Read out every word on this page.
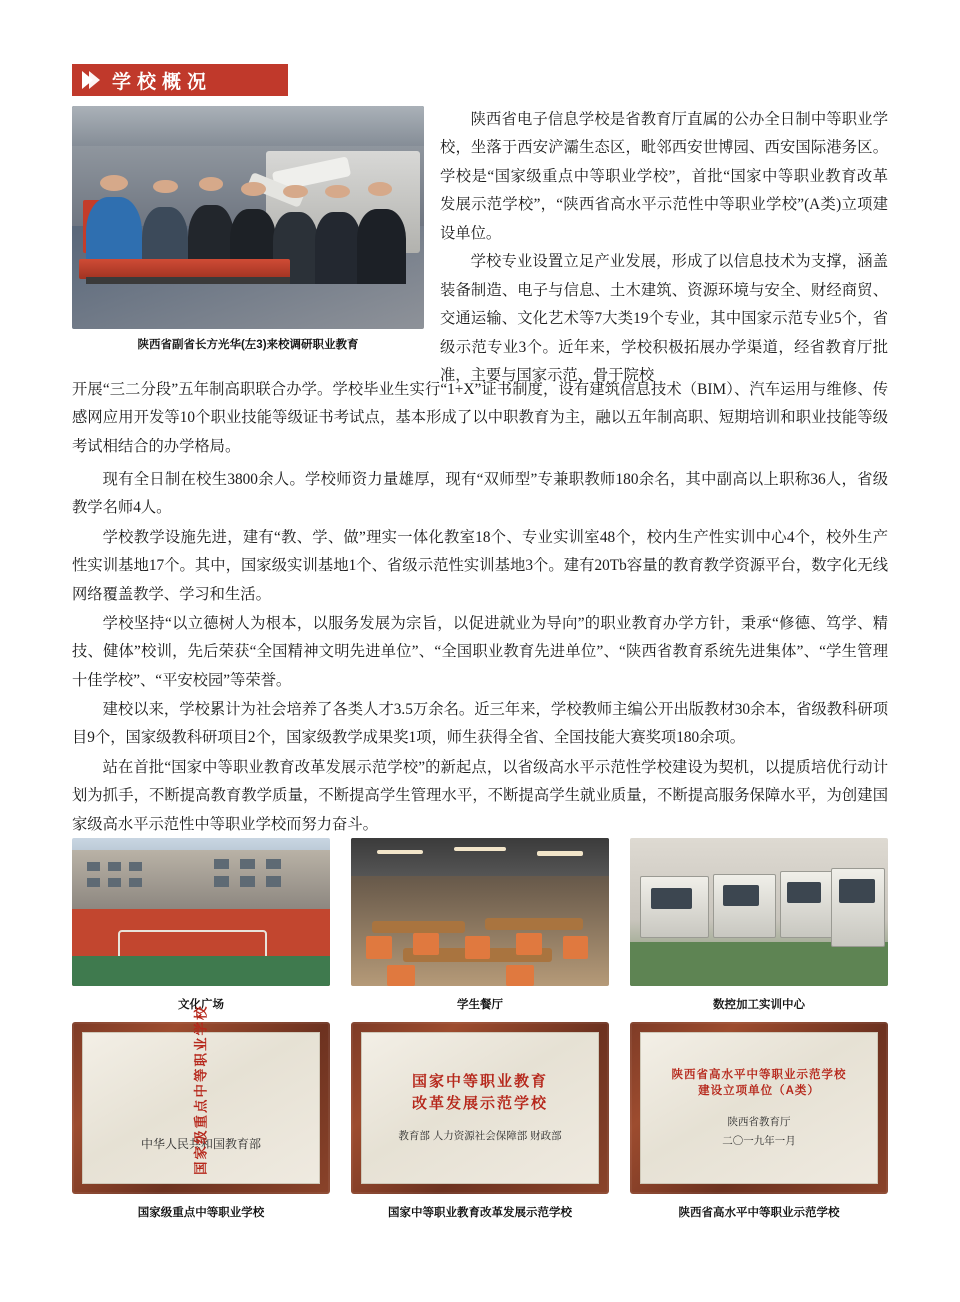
学校概况
陕西省副省长方光华(左3)来校调研职业教育

陕西省电子信息学校是省教育厅直属的公办全日制中等职业学校，坐落于西安浐灞生态区，毗邻西安世博园、西安国际港务区。学校是“国家级重点中等职业学校”，首批“国家中等职业教育改革发展示范学校”，“陕西省高水平示范性中等职业学校”(A类)立项建设单位。

学校专业设置立足产业发展，形成了以信息技术为支撑，涵盖装备制造、电子与信息、土木建筑、资源环境与安全、财经商贸、交通运输、文化艺术等7大类19个专业，其中国家示范专业5个，省级示范专业3个。近年来，学校积极拓展办学渠道，经省教育厅批准，主要与国家示范、骨干院校

开展“三二分段”五年制高职联合办学。学校毕业生实行“1+X”证书制度，设有建筑信息技术（BIM）、汽车运用与维修、传感网应用开发等10个职业技能等级证书考试点，基本形成了以中职教育为主，融以五年制高职、短期培训和职业技能等级考试相结合的办学格局。

现有全日制在校生3800余人。学校师资力量雄厚，现有“双师型”专兼职教师180余名，其中副高以上职称36人，省级教学名师4人。

学校教学设施先进，建有“教、学、做”理实一体化教室18个、专业实训室48个，校内生产性实训中心4个，校外生产性实训基地17个。其中，国家级实训基地1个、省级示范性实训基地3个。建有20Tb容量的教育教学资源平台，数字化无线网络覆盖教学、学习和生活。

学校坚持“以立德树人为根本，以服务发展为宗旨，以促进就业为导向”的职业教育办学方针，秉承“修德、笃学、精技、健体”校训，先后荣获“全国精神文明先进单位”、“全国职业教育先进单位”、“陕西省教育系统先进集体”、“学生管理十佳学校”、“平安校园”等荣誉。

建校以来，学校累计为社会培养了各类人才3.5万余名。近三年来，学校教师主编公开出版教材30余本，省级教科研项目9个，国家级教科研项目2个，国家级教学成果奖1项，师生获得全省、全国技能大赛奖项180余项。

站在首批“国家中等职业教育改革发展示范学校”的新起点，以省级高水平示范性学校建设为契机，以提质培优行动计划为抓手，不断提高教育教学质量，不断提高学生管理水平，不断提高学生就业质量，不断提高服务保障水平，为创建国家级高水平示范性中等职业学校而努力奋斗。

文化广场	学生餐厅	数控加工实训中心
国家级重点中等职业学校
中华人民共和国教育部
国家级重点中等职业学校
国家中等职业教育
改革发展示范学校
教育部 人力资源社会保障部 财政部
国家中等职业教育改革发展示范学校
陕西省高水平中等职业示范学校
建设立项单位（A类）
陕西省教育厅
二〇一九年一月
陕西省高水平中等职业示范学校
